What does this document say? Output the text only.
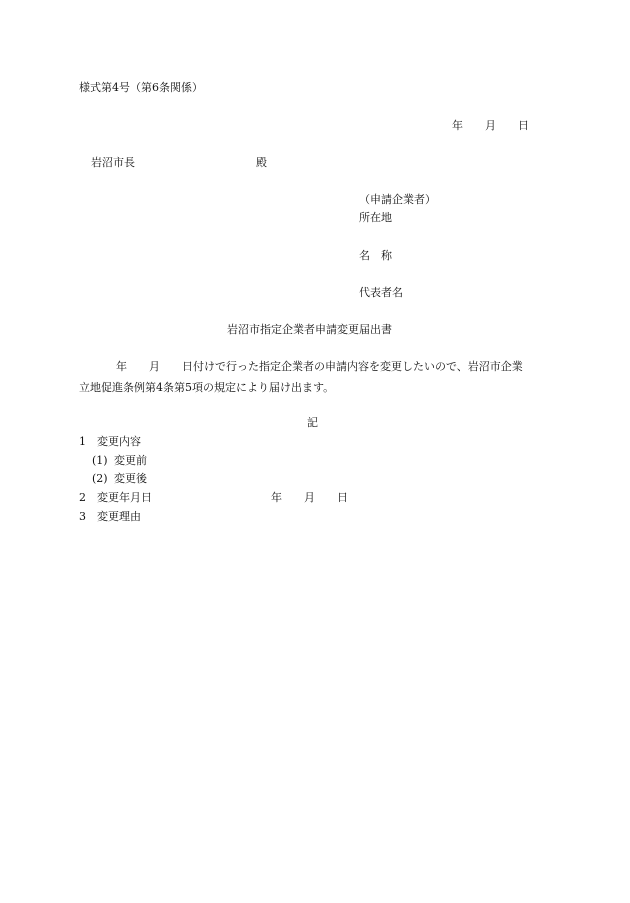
様式第4号（第6条関係）
年　　月　　日
岩沼市長	殿
（申請企業者）
所在地
名　称
代表者名
岩沼市指定企業者申請変更届出書
年　　月　　日付けで行った指定企業者の申請内容を変更したいので、岩沼市企業
立地促進条例第4条第5項の規定により届け出ます。
記
1 変更内容
(1) 変更前
(2) 変更後
2 変更年月日	年　　月　　日
3 変更理由
